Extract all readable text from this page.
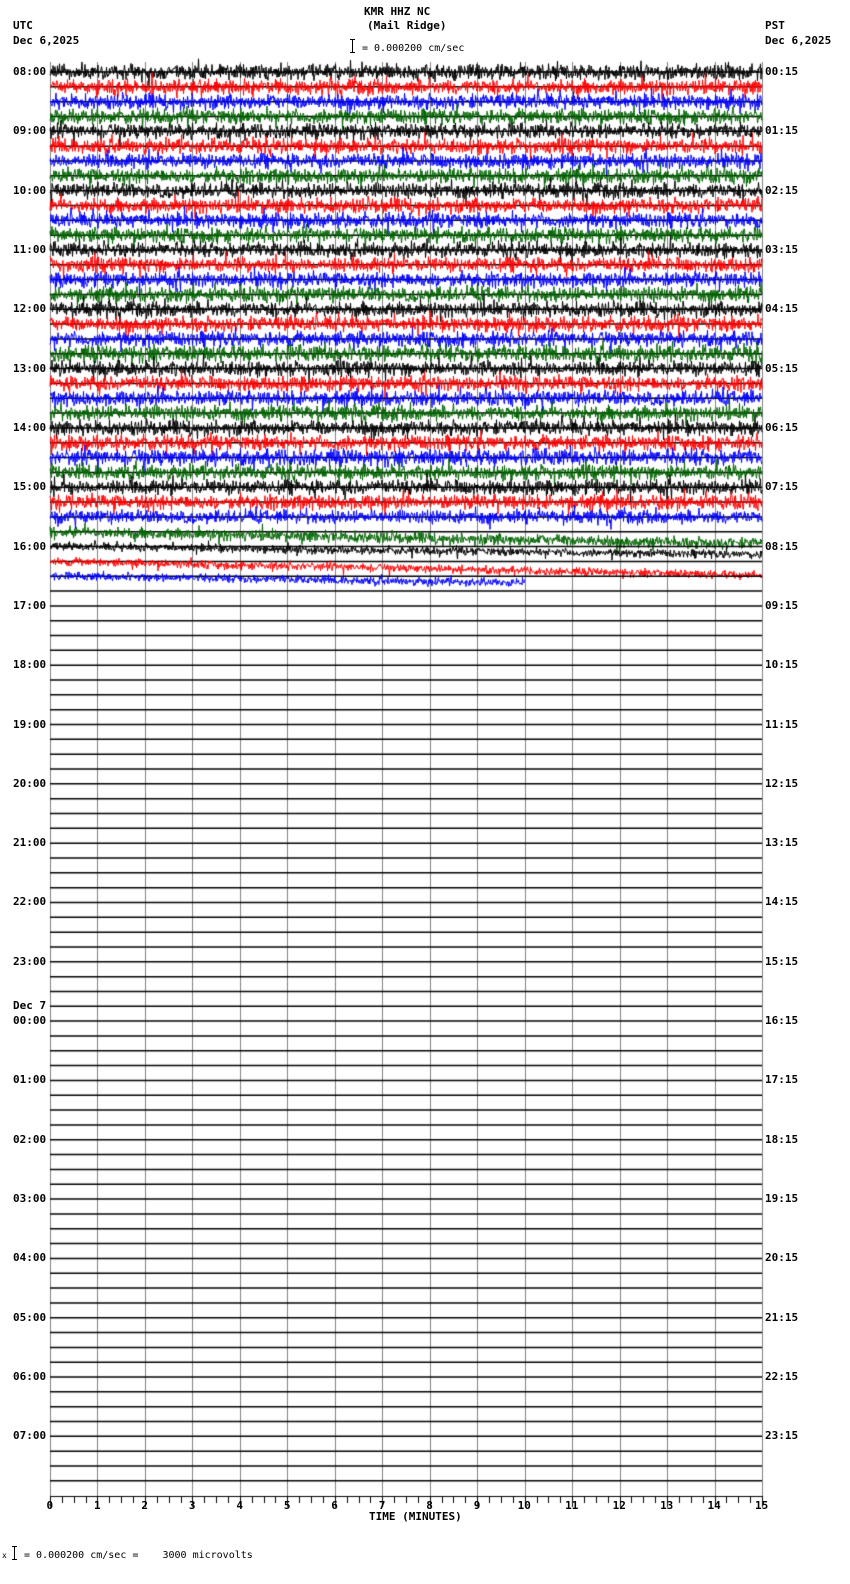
08:00
09:00
10:00
11:00
12:00
13:00
14:00
15:00
16:00
17:00
18:00
19:00
20:00
21:00
22:00
23:00
00:00
Dec 7
01:00
02:00
03:00
04:00
05:00
06:00
07:00
00:15
01:15
02:15
03:15
04:15
05:15
06:15
07:15
08:15
09:15
10:15
11:15
12:15
13:15
14:15
15:15
16:15
17:15
18:15
19:15
20:15
21:15
22:15
23:15
0	1	2	3	4	5	6	7	8	9	10	11	12	13	14	15
TIME (MINUTES)
x = 0.000200 cm/sec =    3000 microvolts
